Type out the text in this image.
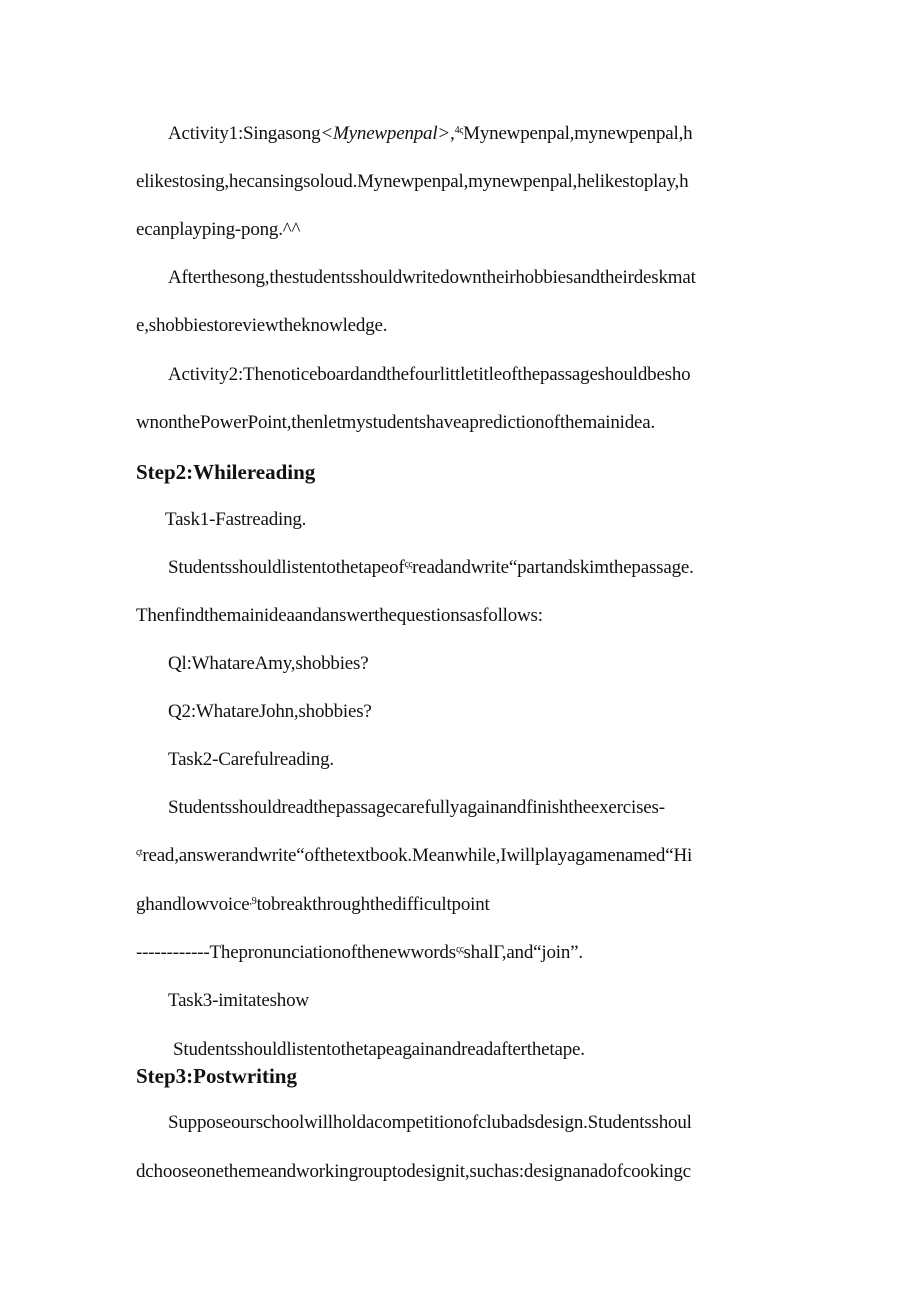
Activity1:Singasong<Mynewpenpal>,$^{4\varsigma}$Mynewpenpal,mynewpenpal,h
elikestosing,hecansingsoloud.Mynewpenpal,mynewpenpal,helikestoplay,h
ecanplayping-pong.^^
Afterthesong,thestudentsshouldwritedowntheirhobbiesandtheirdeskmat
e,shobbiestoreviewtheknowledge.
Activity2:Thenoticeboardandthefourlittletitleofthepassageshouldbesho
wnonthePowerPoint,thenletmystudentshaveapredictionofthemainidea.
Step2:Whilereading
Task1-Fastreading.
Studentsshouldlistentothetapeof$^{\varsigma\varsigma}$readandwrite“partandskimthepassage.
Thenfindthemainideaandanswerthequestionsasfollows:
Ql:WhatareAmy,shobbies?
Q2:WhatareJohn,shobbies?
Task2-Carefulreading.
Studentsshouldreadthepassagecarefullyagainandfinishtheexercises-
$^{\varsigma t}$read,answerandwrite“ofthetextbook.Meanwhile,Iwillplayagamenamed“Hi
ghandlowvoice$^{,9}$tobreakthroughthedifficultpoint
------------Thepronunciationofthenewwords$^{\varsigma\varsigma}$shalΓ,and“join”.
Task3-imitateshow
Studentsshouldlistentothetapeagainandreadafterthetape.
Step3:Postwriting
Supposeourschoolwillholdacompetitionofclubadsdesign.Studentsshoul
dchooseonethemeandworkingrouptodesignit,suchas:designanadofcookingc
